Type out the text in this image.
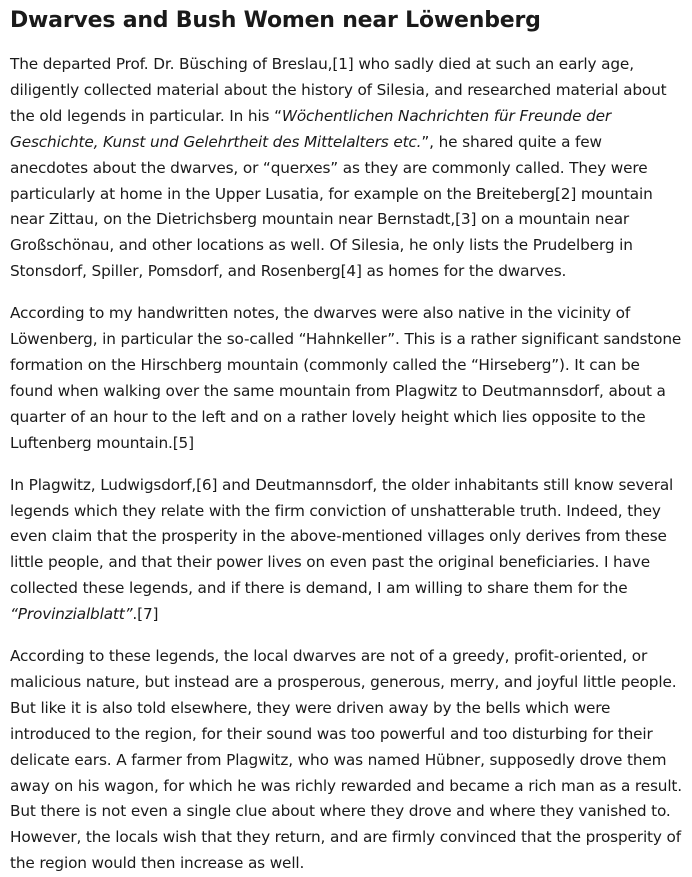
Dwarves and Bush Women near Löwenberg

The departed Prof. Dr. Büsching of Breslau,[1] who sadly died at such an early age, diligently collected material about the history of Silesia, and researched material about the old legends in particular. In his “Wöchentlichen Nachrichten für Freunde der Geschichte, Kunst und Gelehrtheit des Mittelalters etc.”, he shared quite a few anecdotes about the dwarves, or “querxes” as they are commonly called. They were particularly at home in the Upper Lusatia, for example on the Breiteberg[2] mountain near Zittau, on the Dietrichsberg mountain near Bernstadt,[3] on a mountain near Großschönau, and other locations as well. Of Silesia, he only lists the Prudelberg in Stonsdorf, Spiller, Pomsdorf, and Rosenberg[4] as homes for the dwarves.

According to my handwritten notes, the dwarves were also native in the vicinity of Löwenberg, in particular the so-called “Hahnkeller”. This is a rather significant sandstone formation on the Hirschberg mountain (commonly called the “Hirseberg”). It can be found when walking over the same mountain from Plagwitz to Deutmannsdorf, about a quarter of an hour to the left and on a rather lovely height which lies opposite to the Luftenberg mountain.[5]

In Plagwitz, Ludwigsdorf,[6] and Deutmannsdorf, the older inhabitants still know several legends which they relate with the firm conviction of unshatterable truth. Indeed, they even claim that the prosperity in the above-mentioned villages only derives from these little people, and that their power lives on even past the original beneficiaries. I have collected these legends, and if there is demand, I am willing to share them for the “Provinzialblatt”.[7]

According to these legends, the local dwarves are not of a greedy, profit-oriented, or malicious nature, but instead are a prosperous, generous, merry, and joyful little people. But like it is also told elsewhere, they were driven away by the bells which were introduced to the region, for their sound was too powerful and too disturbing for their delicate ears. A farmer from Plagwitz, who was named Hübner, supposedly drove them away on his wagon, for which he was richly rewarded and became a rich man as a result. But there is not even a single clue about where they drove and where they vanished to. However, the locals wish that they return, and are firmly convinced that the prosperity of the region would then increase as well.
